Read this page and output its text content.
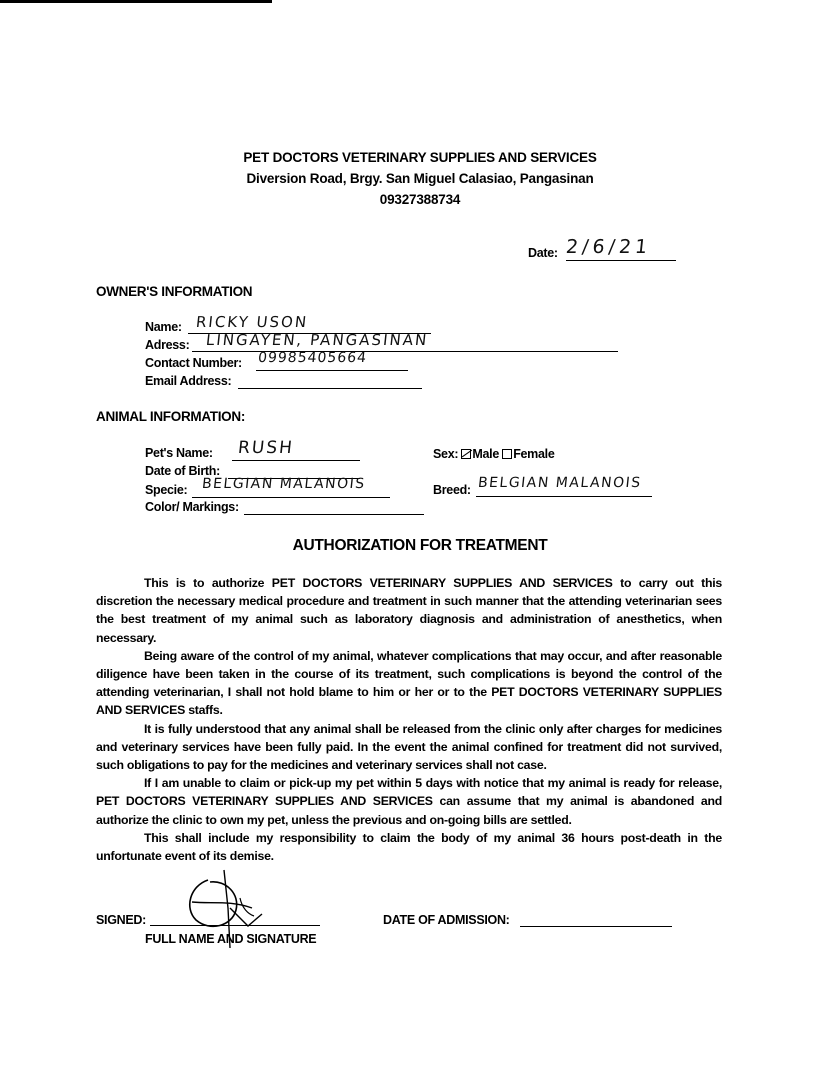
PET DOCTORS VETERINARY SUPPLIES AND SERVICES
Diversion Road, Brgy. San Miguel Calasiao, Pangasinan
09327388734
Date: 2/6/21
OWNER'S INFORMATION
Name: RICKY USON
Adress: LINGAYEN, PANGASINAN
Contact Number: 09985405664
Email Address:
ANIMAL INFORMATION:
Pet's Name: RUSH
Date of Birth:
Specie: BELGIAN MALANOIS
Color/ Markings:
Sex: Male Female
Breed: BELGIAN MALANOIS
AUTHORIZATION FOR TREATMENT

This is to authorize PET DOCTORS VETERINARY SUPPLIES AND SERVICES to carry out this discretion the necessary medical procedure and treatment in such manner that the attending veterinarian sees the best treatment of my animal such as laboratory diagnosis and administration of anesthetics, when necessary.

Being aware of the control of my animal, whatever complications that may occur, and after reasonable diligence have been taken in the course of its treatment, such complications is beyond the control of the attending veterinarian, I shall not hold blame to him or her or to the PET DOCTORS VETERINARY SUPPLIES AND SERVICES staffs.

It is fully understood that any animal shall be released from the clinic only after charges for medicines and veterinary services have been fully paid. In the event the animal confined for treatment did not survived, such obligations to pay for the medicines and veterinary services shall not case.

If I am unable to claim or pick-up my pet within 5 days with notice that my animal is ready for release, PET DOCTORS VETERINARY SUPPLIES AND SERVICES can assume that my animal is abandoned and authorize the clinic to own my pet, unless the previous and on-going bills are settled.

This shall include my responsibility to claim the body of my animal 36 hours post-death in the unfortunate event of its demise.

SIGNED:
FULL NAME AND SIGNATURE
DATE OF ADMISSION:
